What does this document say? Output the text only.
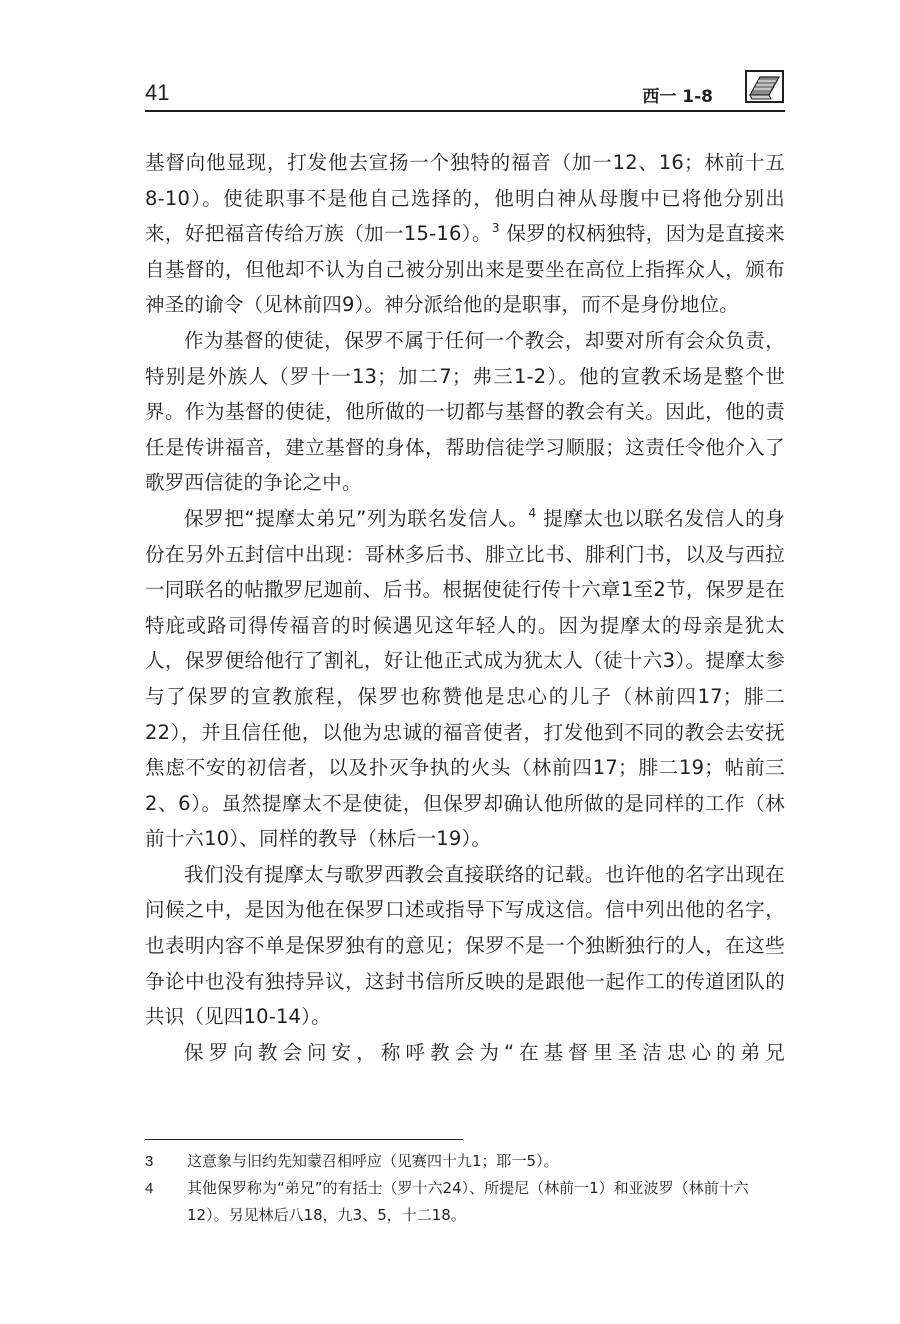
41	西一 1-8

基督向他显现，打发他去宣扬一个独特的福音（加一12、16；林前十五8-10）。使徒职事不是他自己选择的，他明白神从母腹中已将他分别出来，好把福音传给万族（加一15-16）。$^3$ 保罗的权柄独特，因为是直接来自基督的，但他却不认为自己被分别出来是要坐在高位上指挥众人，颁布神圣的谕令（见林前四9）。神分派给他的是职事，而不是身份地位。

作为基督的使徒，保罗不属于任何一个教会，却要对所有会众负责，特别是外族人（罗十一13；加二7；弗三1-2）。他的宣教禾场是整个世界。作为基督的使徒，他所做的一切都与基督的教会有关。因此，他的责任是传讲福音，建立基督的身体，帮助信徒学习顺服；这责任令他介入了歌罗西信徒的争论之中。

保罗把“提摩太弟兄”列为联名发信人。$^4$ 提摩太也以联名发信人的身份在另外五封信中出现：哥林多后书、腓立比书、腓利门书，以及与西拉一同联名的帖撒罗尼迦前、后书。根据使徒行传十六章1至2节，保罗是在特庇或路司得传福音的时候遇见这年轻人的。因为提摩太的母亲是犹太人，保罗便给他行了割礼，好让他正式成为犹太人（徒十六3）。提摩太参与了保罗的宣教旅程，保罗也称赞他是忠心的儿子（林前四17；腓二22），并且信任他，以他为忠诚的福音使者，打发他到不同的教会去安抚焦虑不安的初信者，以及扑灭争执的火头（林前四17；腓二19；帖前三2、6）。虽然提摩太不是使徒，但保罗却确认他所做的是同样的工作（林前十六10）、同样的教导（林后一19）。

我们没有提摩太与歌罗西教会直接联络的记载。也许他的名字出现在问候之中，是因为他在保罗口述或指导下写成这信。信中列出他的名字，也表明内容不单是保罗独有的意见；保罗不是一个独断独行的人，在这些争论中也没有独持异议，这封书信所反映的是跟他一起作工的传道团队的共识（见四10-14）。

保罗向教会问安，称呼教会为“在基督里圣洁忠心的弟兄

3	这意象与旧约先知蒙召相呼应（见赛四十九1；耶一5）。
4	其他保罗称为“弟兄”的有括士（罗十六24）、所提尼（林前一1）和亚波罗（林前十六12）。另见林后八18，九3、5，十二18。
